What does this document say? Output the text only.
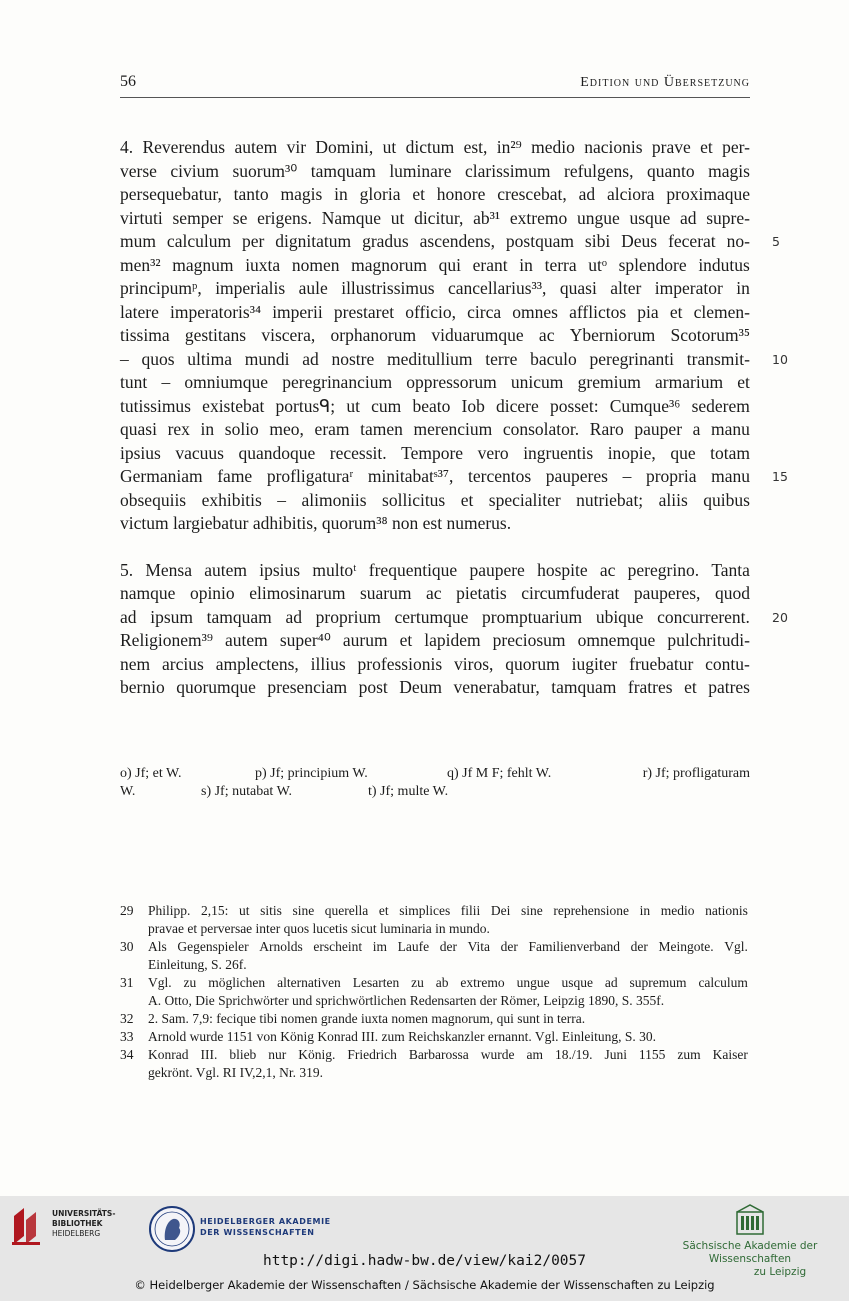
56	Edition und Übersetzung
4. Reverendus autem vir Domini, ut dictum est, in²⁹ medio nacionis prave et per-
verse civium suorum³⁰ tamquam luminare clarissimum refulgens, quanto magis
persequebatur, tanto magis in gloria et honore crescebat, ad alciora proximaque
virtuti semper se erigens. Namque ut dicitur, ab³¹ extremo ungue usque ad supre-
mum calculum per dignitatum gradus ascendens, postquam sibi Deus fecerat no- 5
men³² magnum iuxta nomen magnorum qui erant in terra utᵒ splendore indutus
principumᵖ, imperialis aule illustrissimus cancellarius³³, quasi alter imperator in
latere imperatoris³⁴ imperii prestaret officio, circa omnes afflictos pia et clemen-
tissima gestitans viscera, orphanorum viduarumque ac Yberniorum Scotorum³⁵
– quos ultima mundi ad nostre meditullium terre baculo peregrinanti transmit- 10
tunt – omniumque peregrinancium oppressorum unicum gremium armarium et
tutissimus existebat portusᑫ; ut cum beato Iob dicere posset: Cumque³⁶ sederem
quasi rex in solio meo, eram tamen merencium consolator. Raro pauper a manu
ipsius vacuus quandoque recessit. Tempore vero ingruentis inopie, que totam
Germaniam fame profligaturaʳ minitabatˢ³⁷, tercentos pauperes – propria manu 15
obsequiis exhibitis – alimoniis sollicitus et specialiter nutriebat; aliis quibus
victum largiebatur adhibitis, quorum³⁸ non est numerus.
5. Mensa autem ipsius multoᵗ frequentique paupere hospite ac peregrino. Tanta
namque opinio elimosinarum suarum ac pietatis circumfuderat pauperes, quod
ad ipsum tamquam ad proprium certumque promptuarium ubique concurrerent. 20
Religionem³⁹ autem super⁴⁰ aurum et lapidem preciosum omnemque pulchritudi-
nem arcius amplectens, illius professionis viros, quorum iugiter fruebatur contu-
bernio quorumque presenciam post Deum venerabatur, tamquam fratres et patres
o) Jf; et W.	p) Jf; principium W.	q) Jf M F; fehlt W.	r) Jf; profligaturam
W.	s) Jf; nutabat W.	t) Jf; multe W.
29	Philipp. 2,15: ut sitis sine querella et simplices filii Dei sine reprehensione in medio nationis
pravae et perversae inter quos lucetis sicut luminaria in mundo.
30	Als Gegenspieler Arnolds erscheint im Laufe der Vita der Familienverband der Meingote. Vgl.
Einleitung, S. 26f.
31	Vgl. zu möglichen alternativen Lesarten zu ab extremo ungue usque ad supremum calculum
A. Otto, Die Sprichwörter und sprichwörtlichen Redensarten der Römer, Leipzig 1890, S. 355f.
32	2. Sam. 7,9: fecique tibi nomen grande iuxta nomen magnorum, qui sunt in terra.
33	Arnold wurde 1151 von König Konrad III. zum Reichskanzler ernannt. Vgl. Einleitung, S. 30.
34	Konrad III. blieb nur König. Friedrich Barbarossa wurde am 18./19. Juni 1155 zum Kaiser
gekrönt. Vgl. RI IV,2,1, Nr. 319.
UNIVERSITÄTS-
BIBLIOTHEK
HEIDELBERG
HEIDELBERGER AKADEMIE
DER WISSENSCHAFTEN
Sächsische Akademie der Wissenschaften
zu Leipzig
http://digi.hadw-bw.de/view/kai2/0057
© Heidelberger Akademie der Wissenschaften / Sächsische Akademie der Wissenschaften zu Leipzig
